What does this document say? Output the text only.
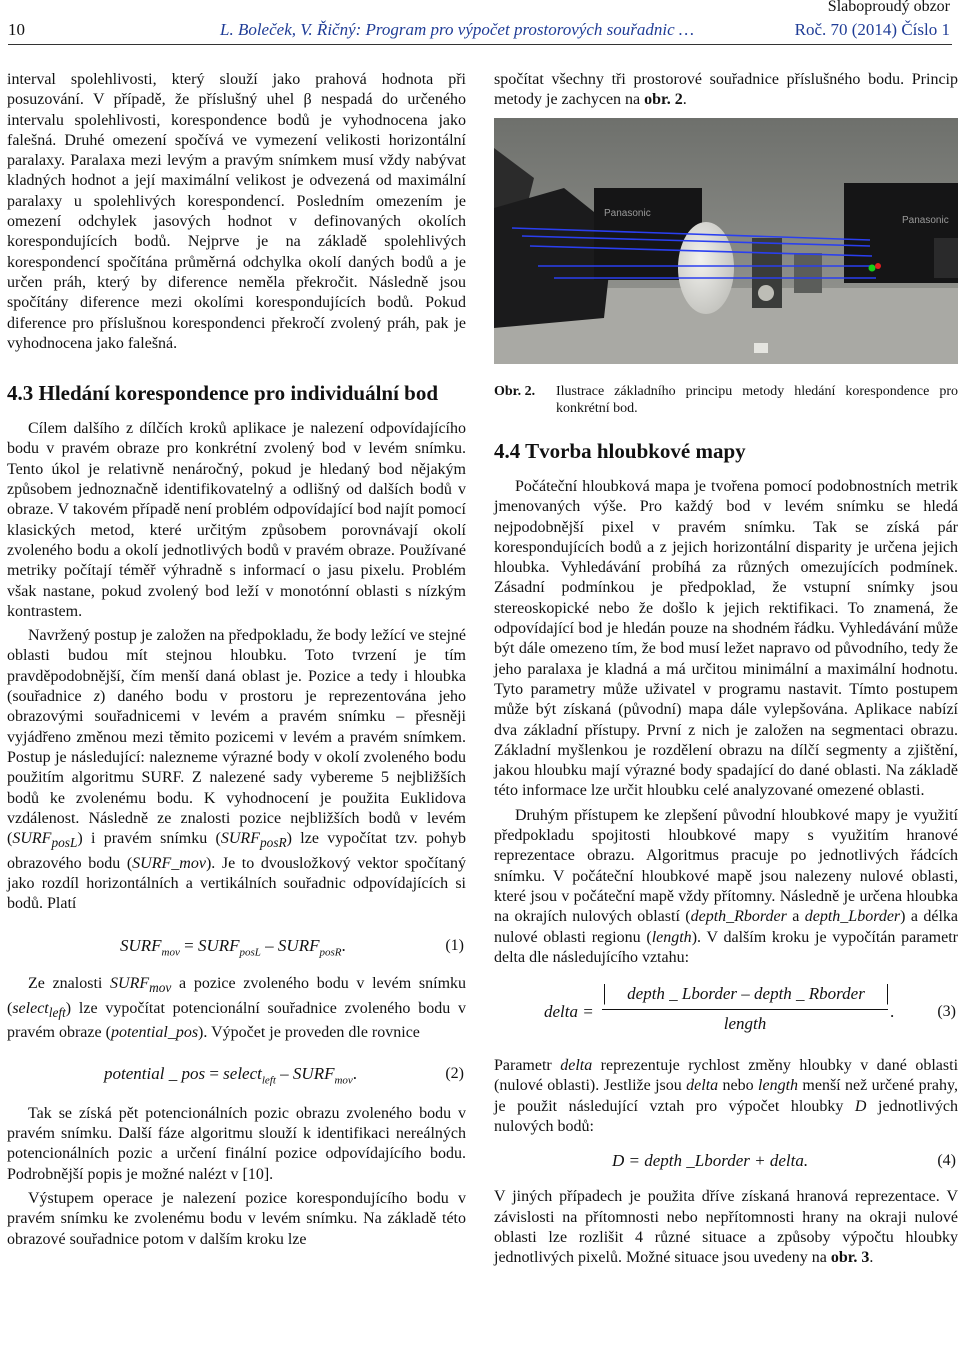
Slaboproudý obzor
10	L. Boleček, V. Řičný: Program pro výpočet prostorových souřadnic …	Roč. 70 (2014) Číslo 1

interval spolehlivosti, který slouží jako prahová hodnota při posuzování. V případě, že příslušný uhel β nespadá do určeného intervalu spolehlivosti, korespondence bodů je vyhodnocena jako falešná. Druhé omezení spočívá ve vymezení velikosti horizontální paralaxy. Paralaxa mezi levým a pravým snímkem musí vždy nabývat kladných hodnot a její maximální velikost je odvezená od maximální paralaxy u spolehlivých korespondencí. Posledním omezením je omezení odchylek jasových hodnot v definovaných okolích korespondujících bodů. Nejprve je na základě spolehlivých korespondencí spočítána průměrná odchylka okolí daných bodů a je určen práh, který by diference neměla překročit. Následně jsou spočítány diference mezi okolími korespondujících bodů. Pokud diference pro příslušnou korespondenci překročí zvolený práh, pak je vyhodnocena jako falešná.

4.3 Hledání korespondence pro individuální bod

Cílem dalšího z dílčích kroků aplikace je nalezení odpovídajícího bodu v pravém obraze pro konkrétní zvolený bod v levém snímku. Tento úkol je relativně nenáročný, pokud je hledaný bod nějakým způsobem jednoznačně identifikovatelný a odlišný od dalších bodů v obraze. V takovém případě není problém odpovídající bod najít pomocí klasických metod, které určitým způsobem porovnávají okolí zvoleného bodu a okolí jednotlivých bodů v pravém obraze. Používané metriky počítají téměř výhradně s informací o jasu pixelu. Problém však nastane, pokud zvolený bod leží v monotónní oblasti s nízkým kontrastem.

Navržený postup je založen na předpokladu, že body ležící ve stejné oblasti budou mít stejnou hloubku. Toto tvrzení je tím pravděpodobnější, čím menší daná oblast je. Pozice a tedy i hloubka (souřadnice z) daného bodu v prostoru je reprezentována jeho obrazovými souřadnicemi v levém a pravém snímku – přesněji vyjádřeno změnou mezi těmito pozicemi v levém a pravém snímkem. Postup je následující: nalezneme výrazné body v okolí zvoleného bodu použitím algoritmu SURF. Z nalezené sady vybereme 5 nejbližších bodů ke zvolenému bodu. K vyhodnocení je použita Euklidova vzdálenost. Následně ze znalosti pozice nejbližších bodů v levém $(SURF_{posL})$ i pravém snímku $(SURF_{posR})$ lze vypočítat tzv. pohyb obrazového bodu (SURF_mov). Je to dvousložkový vektor spočítaný jako rozdíl horizontálních a vertikálních souřadnic odpovídajících si bodů. Platí

$SURF_{mov}$ = $SURF_{posL}$ – $SURF_{posR}$.	(1)

Ze znalosti $SURF_{mov}$ a pozice zvoleného bodu v levém snímku (select$_{left}$) lze vypočítat potencionální souřadnice zvoleného bodu v pravém obraze (potential_pos). Výpočet je proveden dle rovnice

potential _ pos = select$_{left}$ – $SURF_{mov}$.	(2)

Tak se získá pět potencionálních pozic obrazu zvoleného bodu v pravém snímku. Další fáze algoritmu slouží k identifikaci nereálných potencionálních pozic a určení finální pozice odpovídajícího bodu. Podrobnější popis je možné nalézt v [10].

Výstupem operace je nalezení pozice korespondujícího bodu v pravém snímku ke zvolenému bodu v levém snímku. Na základě této obrazové souřadnice potom v dalším kroku lze

spočítat všechny tři prostorové souřadnice příslušného bodu. Princip metody je zachycen na obr. 2.

Panasonic
Panasonic
Obr. 2. Ilustrace základního principu metody hledání korespondence pro konkrétní bod.
4.4 Tvorba hloubkové mapy

Počáteční hloubková mapa je tvořena pomocí podobnostních metrik jmenovaných výše. Pro každý bod v levém snímku se hledá nejpodobnější pixel v pravém snímku. Tak se získá pár korespondujících bodů a z jejich horizontální disparity je určena jejich hloubka. Vyhledávání probíhá za různých omezujících podmínek. Zásadní podmínkou je předpoklad, že vstupní snímky jsou stereoskopické nebo že došlo k jejich rektifikaci. To znamená, že odpovídající bod je hledán pouze na shodném řádku. Vyhledávání může být dále omezeno tím, že bod musí ležet napravo od původního, tedy že jeho paralaxa je kladná a má určitou minimální a maximální hodnotu. Tyto parametry může uživatel v programu nastavit. Tímto postupem může být získaná (původní) mapa dále vylepšována. Aplikace nabízí dva základní přístupy. První z nich je založen na segmentaci obrazu. Základní myšlenkou je rozdělení obrazu na dílčí segmenty a zjištění, jakou hloubku mají výrazné body spadající do dané oblasti. Na základě této informace lze určit hloubku celé analyzované omezené oblasti.

Druhým přístupem ke zlepšení původní hloubkové mapy je využití předpokladu spojitosti hloubkové mapy s využitím hranové reprezentace obrazu. Algoritmus pracuje po jednotlivých řádcích snímku. V počáteční hloubkové mapě jsou nalezeny nulové oblasti, které jsou v počáteční mapě vždy přítomny. Následně je určena hloubka na okrajích nulových oblastí (depth_Rborder a depth_Lborder) a délka nulové oblasti regionu (length). V dalším kroku je vypočítán parametr delta dle následujícího vztahu:

delta =
depth _ Lborder – depth _ Rborder
length
.	(3)

Parametr delta reprezentuje rychlost změny hloubky v dané oblasti (nulové oblasti). Jestliže jsou delta nebo length menší než určené prahy, je použit následující vztah pro výpočet hloubky D jednotlivých nulových bodů:

D = depth _Lborder + delta.	(4)

V jiných případech je použita dříve získaná hranová reprezentace. V závislosti na přítomnosti nebo nepřítomnosti hrany na okraji nulové oblasti lze rozlišit 4 různé situace a způsoby výpočtu hloubky jednotlivých pixelů. Možné situace jsou uvedeny na obr. 3.
